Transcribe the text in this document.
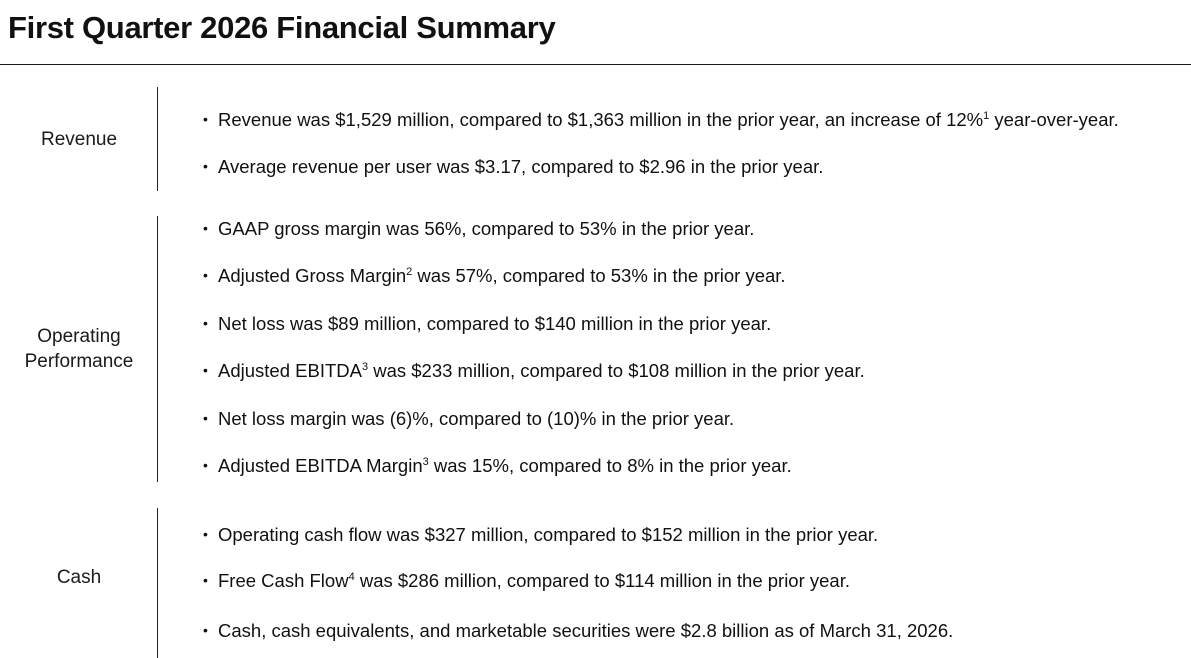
First Quarter 2026 Financial Summary
Revenue
• Revenue was $1,529 million, compared to $1,363 million in the prior year, an increase of 12%$^1$ year-over-year.
• Average revenue per user was $3.17, compared to $2.96 in the prior year.
Operating
Performance
• GAAP gross margin was 56%, compared to 53% in the prior year.
• Adjusted Gross Margin$^2$ was 57%, compared to 53% in the prior year.
• Net loss was $89 million, compared to $140 million in the prior year.
• Adjusted EBITDA$^3$ was $233 million, compared to $108 million in the prior year.
• Net loss margin was (6)%, compared to (10)% in the prior year.
• Adjusted EBITDA Margin$^3$ was 15%, compared to 8% in the prior year.
Cash
• Operating cash flow was $327 million, compared to $152 million in the prior year.
• Free Cash Flow$^4$ was $286 million, compared to $114 million in the prior year.
• Cash, cash equivalents, and marketable securities were $2.8 billion as of March 31, 2026.
